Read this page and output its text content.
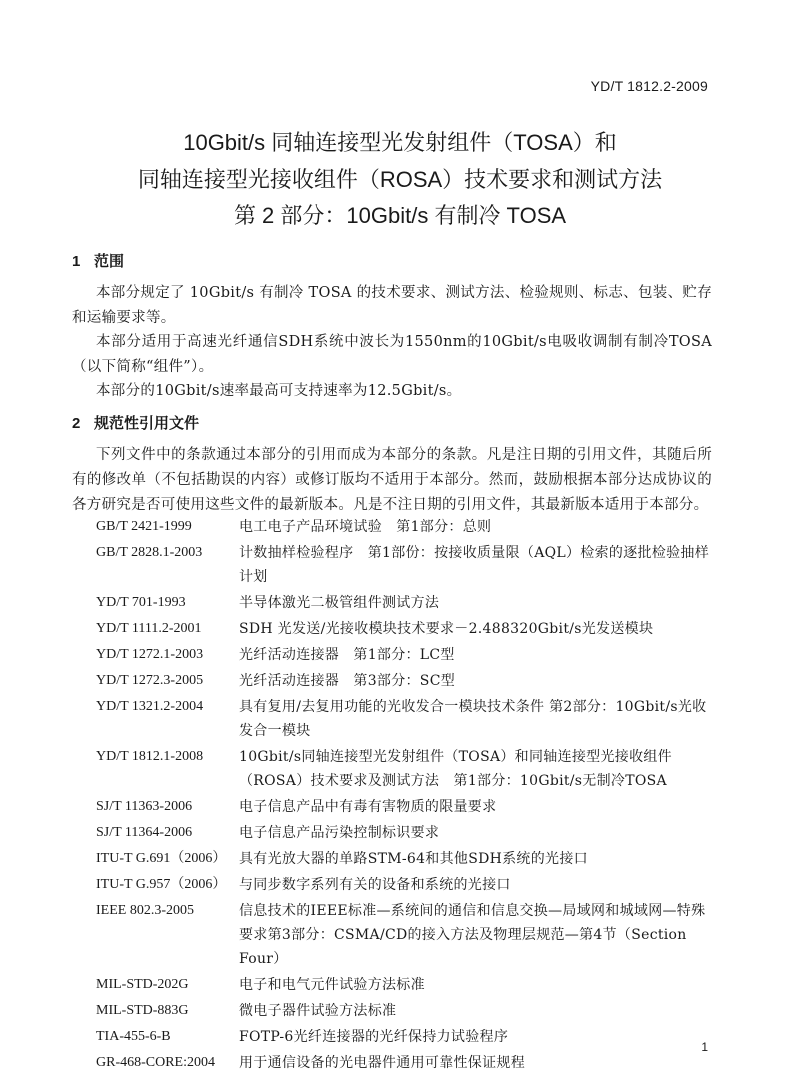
YD/T 1812.2-2009
10Gbit/s 同轴连接型光发射组件（TOSA）和
同轴连接型光接收组件（ROSA）技术要求和测试方法
第 2 部分：10Gbit/s 有制冷 TOSA
1 范围

本部分规定了 10Gbit/s 有制冷 TOSA 的技术要求、测试方法、检验规则、标志、包装、贮存和运输要求等。

本部分适用于高速光纤通信SDH系统中波长为1550nm的10Gbit/s电吸收调制有制冷TOSA（以下简称“组件”）。

本部分的10Gbit/s速率最高可支持速率为12.5Gbit/s。

2 规范性引用文件

下列文件中的条款通过本部分的引用而成为本部分的条款。凡是注日期的引用文件，其随后所有的修改单（不包括勘误的内容）或修订版均不适用于本部分。然而，鼓励根据本部分达成协议的各方研究是否可使用这些文件的最新版本。凡是不注日期的引用文件，其最新版本适用于本部分。

GB/T 2421-1999	电工电子产品环境试验　第1部分：总则
GB/T 2828.1-2003	计数抽样检验程序　第1部份：按接收质量限（AQL）检索的逐批检验抽样计划
YD/T 701-1993	半导体激光二极管组件测试方法
YD/T 1111.2-2001	SDH 光发送/光接收模块技术要求－2.488320Gbit/s光发送模块
YD/T 1272.1-2003	光纤活动连接器　第1部分：LC型
YD/T 1272.3-2005	光纤活动连接器　第3部分：SC型
YD/T 1321.2-2004	具有复用/去复用功能的光收发合一模块技术条件 第2部分：10Gbit/s光收发合一模块
YD/T 1812.1-2008	10Gbit/s同轴连接型光发射组件（TOSA）和同轴连接型光接收组件（ROSA）技术要求及测试方法　第1部分：10Gbit/s无制冷TOSA
SJ/T 11363-2006	电子信息产品中有毒有害物质的限量要求
SJ/T 11364-2006	电子信息产品污染控制标识要求
ITU-T G.691（2006） 具有光放大器的单路STM-64和其他SDH系统的光接口
ITU-T G.957（2006） 与同步数字系列有关的设备和系统的光接口
IEEE 802.3-2005	信息技术的IEEE标准—系统间的通信和信息交换—局域网和城域网—特殊要求第3部分：CSMA/CD的接入方法及物理层规范—第4节（Section Four）
MIL-STD-202G	电子和电气元件试验方法标准
MIL-STD-883G	微电子器件试验方法标准
TIA-455-6-B	FOTP-6光纤连接器的光纤保持力试验程序
GR-468-CORE:2004	用于通信设备的光电器件通用可靠性保证规程
1
